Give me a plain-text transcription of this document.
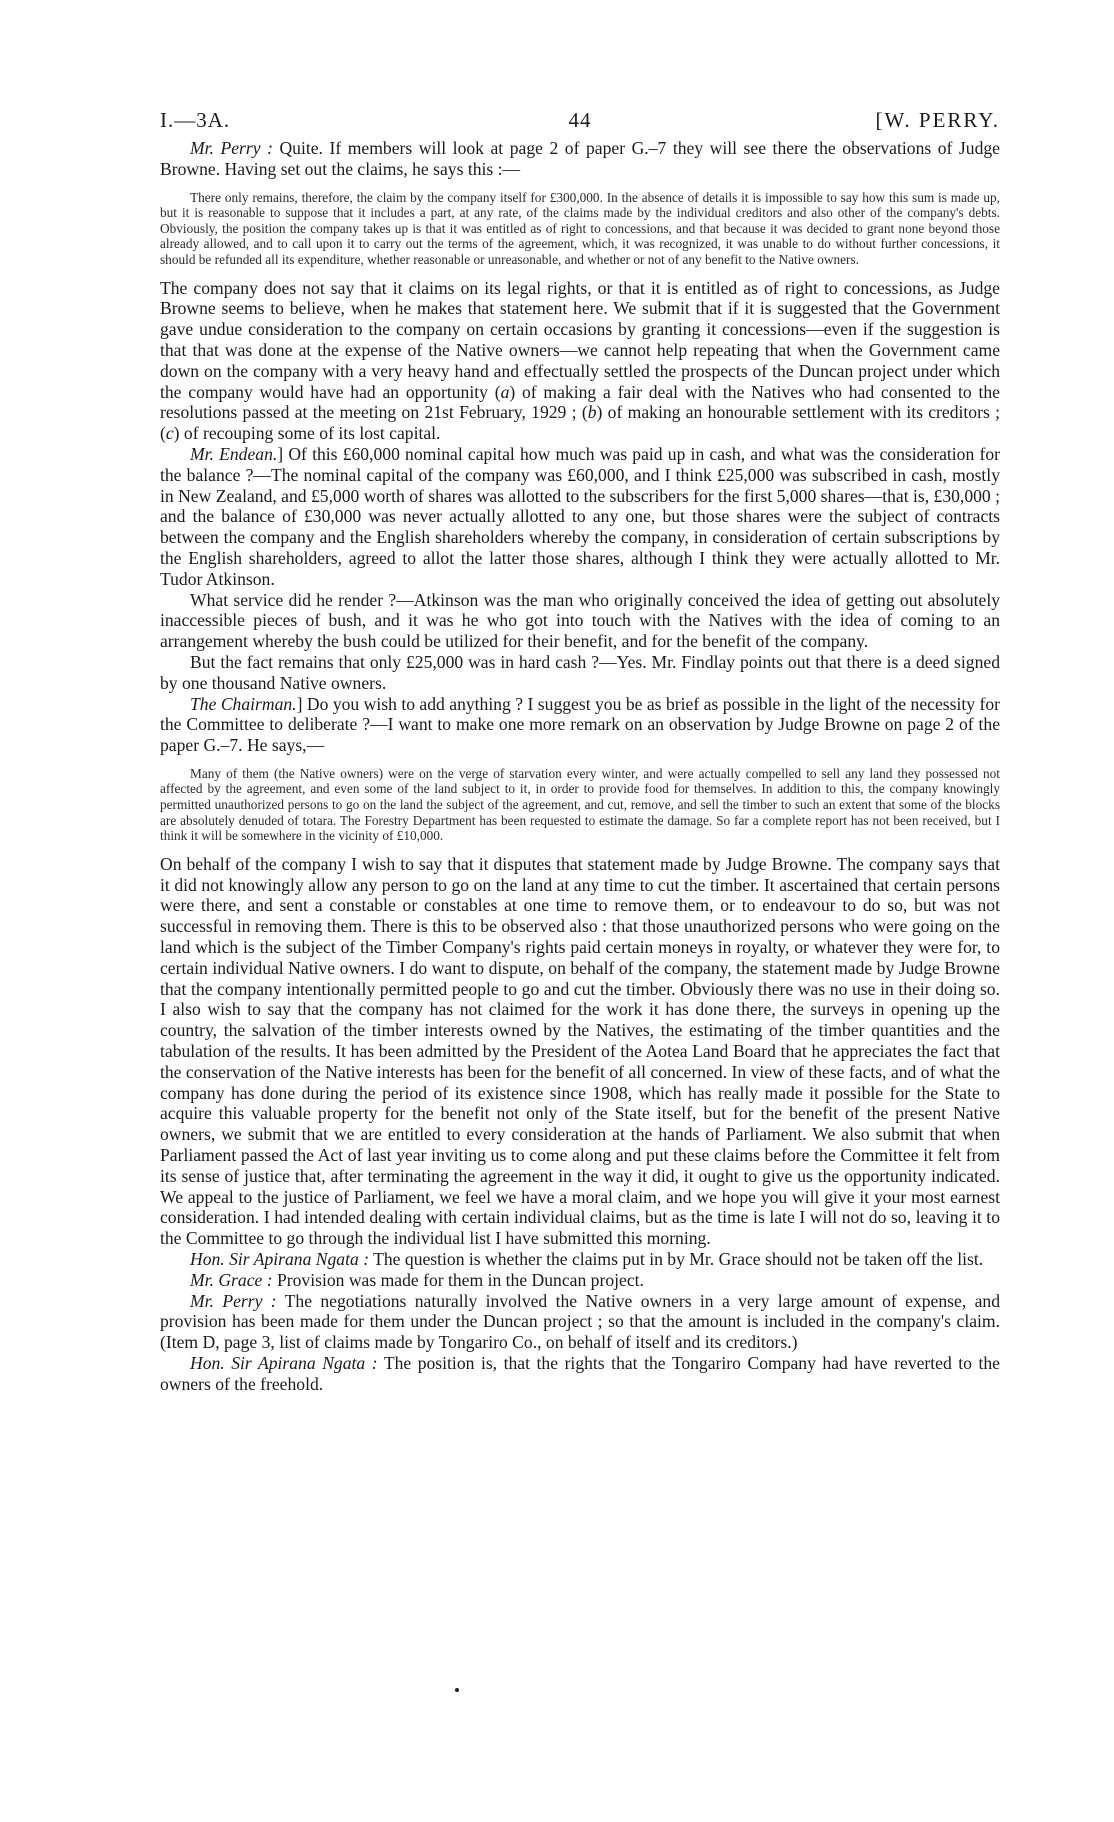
I.—3A.	44	[W. PERRY.

Mr. Perry : Quite. If members will look at page 2 of paper G.–7 they will see there the observations of Judge Browne. Having set out the claims, he says this :—

There only remains, therefore, the claim by the company itself for £300,000. In the absence of details it is impossible to say how this sum is made up, but it is reasonable to suppose that it includes a part, at any rate, of the claims made by the individual creditors and also other of the company's debts. Obviously, the position the company takes up is that it was entitled as of right to concessions, and that because it was decided to grant none beyond those already allowed, and to call upon it to carry out the terms of the agreement, which, it was recognized, it was unable to do without further concessions, it should be refunded all its expenditure, whether reasonable or unreasonable, and whether or not of any benefit to the Native owners.

The company does not say that it claims on its legal rights, or that it is entitled as of right to concessions, as Judge Browne seems to believe, when he makes that statement here. We submit that if it is suggested that the Government gave undue consideration to the company on certain occasions by granting it concessions—even if the suggestion is that that was done at the expense of the Native owners—we cannot help repeating that when the Government came down on the company with a very heavy hand and effectually settled the prospects of the Duncan project under which the company would have had an opportunity (a) of making a fair deal with the Natives who had consented to the resolutions passed at the meeting on 21st February, 1929 ; (b) of making an honourable settlement with its creditors ; (c) of recouping some of its lost capital.

Mr. Endean.] Of this £60,000 nominal capital how much was paid up in cash, and what was the consideration for the balance ?—The nominal capital of the company was £60,000, and I think £25,000 was subscribed in cash, mostly in New Zealand, and £5,000 worth of shares was allotted to the subscribers for the first 5,000 shares—that is, £30,000 ; and the balance of £30,000 was never actually allotted to any one, but those shares were the subject of contracts between the company and the English shareholders whereby the company, in consideration of certain subscriptions by the English shareholders, agreed to allot the latter those shares, although I think they were actually allotted to Mr. Tudor Atkinson.

What service did he render ?—Atkinson was the man who originally conceived the idea of getting out absolutely inaccessible pieces of bush, and it was he who got into touch with the Natives with the idea of coming to an arrangement whereby the bush could be utilized for their benefit, and for the benefit of the company.

But the fact remains that only £25,000 was in hard cash ?—Yes. Mr. Findlay points out that there is a deed signed by one thousand Native owners.

The Chairman.] Do you wish to add anything ? I suggest you be as brief as possible in the light of the necessity for the Committee to deliberate ?—I want to make one more remark on an observation by Judge Browne on page 2 of the paper G.–7. He says,—

Many of them (the Native owners) were on the verge of starvation every winter, and were actually compelled to sell any land they possessed not affected by the agreement, and even some of the land subject to it, in order to provide food for themselves. In addition to this, the company knowingly permitted unauthorized persons to go on the land the subject of the agreement, and cut, remove, and sell the timber to such an extent that some of the blocks are absolutely denuded of totara. The Forestry Department has been requested to estimate the damage. So far a complete report has not been received, but I think it will be somewhere in the vicinity of £10,000.

On behalf of the company I wish to say that it disputes that statement made by Judge Browne. The company says that it did not knowingly allow any person to go on the land at any time to cut the timber. It ascertained that certain persons were there, and sent a constable or constables at one time to remove them, or to endeavour to do so, but was not successful in removing them. There is this to be observed also : that those unauthorized persons who were going on the land which is the subject of the Timber Company's rights paid certain moneys in royalty, or whatever they were for, to certain individual Native owners. I do want to dispute, on behalf of the company, the statement made by Judge Browne that the company intentionally permitted people to go and cut the timber. Obviously there was no use in their doing so. I also wish to say that the company has not claimed for the work it has done there, the surveys in opening up the country, the salvation of the timber interests owned by the Natives, the estimating of the timber quantities and the tabulation of the results. It has been admitted by the President of the Aotea Land Board that he appreciates the fact that the conservation of the Native interests has been for the benefit of all concerned. In view of these facts, and of what the company has done during the period of its existence since 1908, which has really made it possible for the State to acquire this valuable property for the benefit not only of the State itself, but for the benefit of the present Native owners, we submit that we are entitled to every consideration at the hands of Parliament. We also submit that when Parliament passed the Act of last year inviting us to come along and put these claims before the Committee it felt from its sense of justice that, after terminating the agreement in the way it did, it ought to give us the opportunity indicated. We appeal to the justice of Parliament, we feel we have a moral claim, and we hope you will give it your most earnest consideration. I had intended dealing with certain individual claims, but as the time is late I will not do so, leaving it to the Committee to go through the individual list I have submitted this morning.

Hon. Sir Apirana Ngata : The question is whether the claims put in by Mr. Grace should not be taken off the list.

Mr. Grace : Provision was made for them in the Duncan project.

Mr. Perry : The negotiations naturally involved the Native owners in a very large amount of expense, and provision has been made for them under the Duncan project ; so that the amount is included in the company's claim. (Item D, page 3, list of claims made by Tongariro Co., on behalf of itself and its creditors.)

Hon. Sir Apirana Ngata : The position is, that the rights that the Tongariro Company had have reverted to the owners of the freehold.
